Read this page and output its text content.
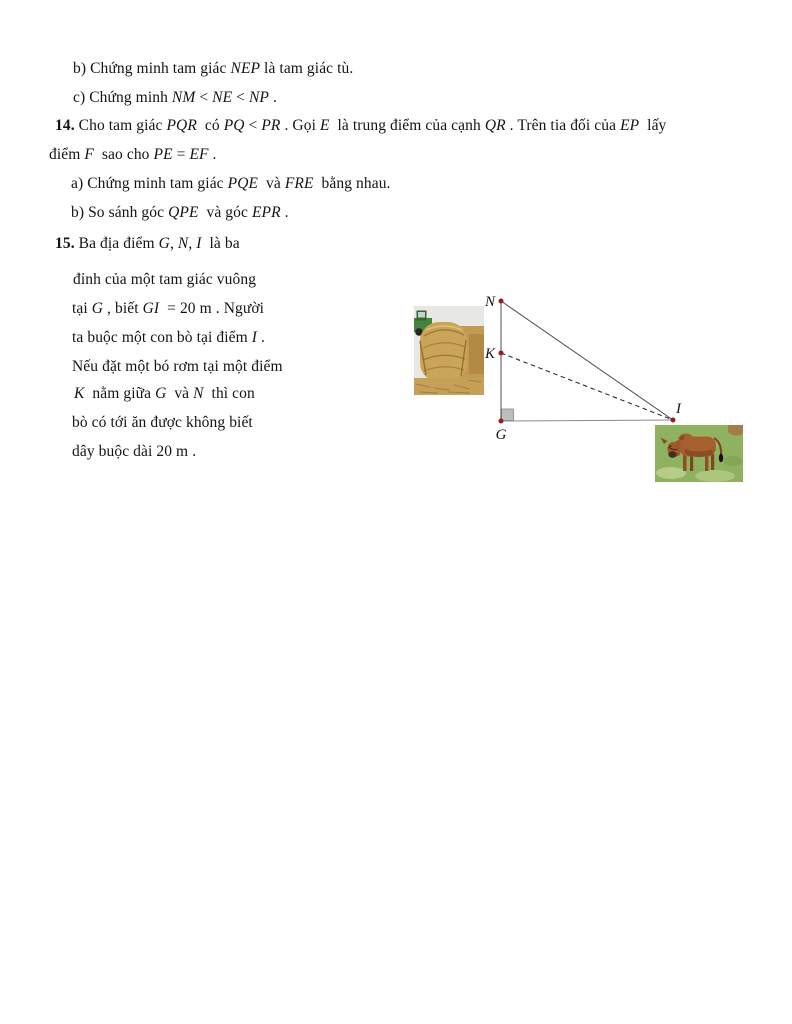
b) Chứng minh tam giác NEP là tam giác tù.
c) Chứng minh NM < NE < NP .
14. Cho tam giác PQR  có PQ < PR . Gọi E  là trung điểm của cạnh QR . Trên tia đối của EP  lấy
điểm F  sao cho PE = EF .
a) Chứng minh tam giác PQE  và FRE  bằng nhau.
b) So sánh góc QPE  và góc EPR .
15. Ba địa điểm G, N, I  là ba
đỉnh của một tam giác vuông
tại G , biết GI  = 20 m . Người
ta buộc một con bò tại điểm I .
Nếu đặt một bó rơm tại một điểm
K  nằm giữa G  và N  thì con
bò có tới ăn được không biết
dây buộc dài 20 m .
N
K
G
I
